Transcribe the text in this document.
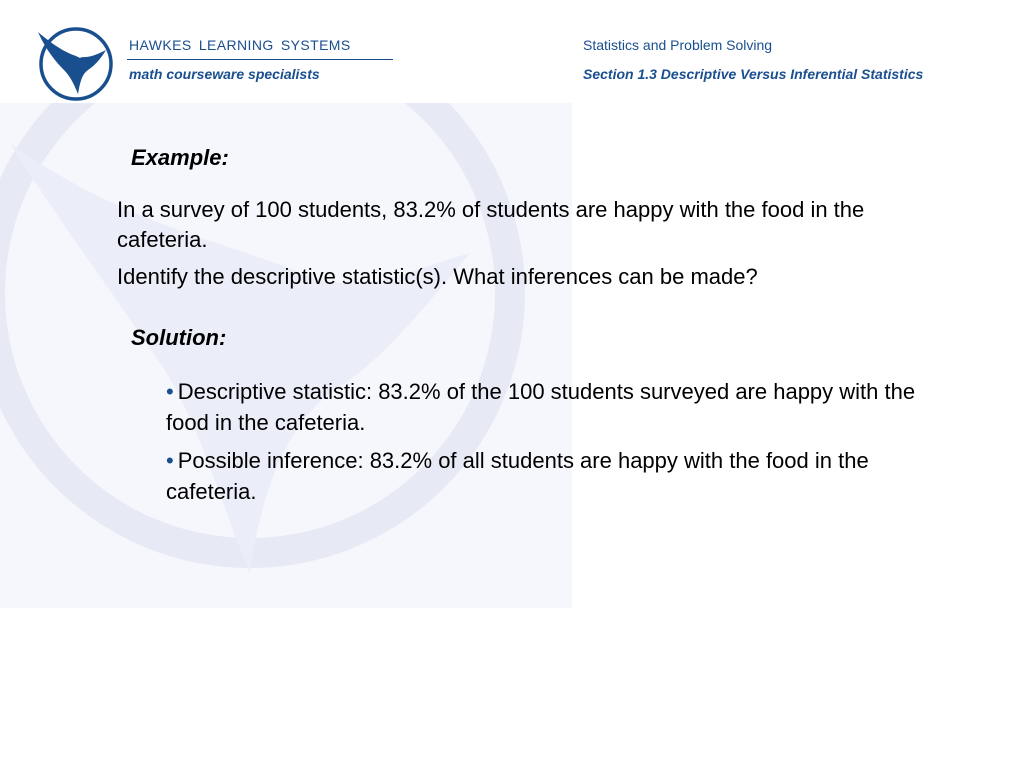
HAWKES LEARNING SYSTEMS
math courseware specialists
Statistics and Problem Solving
Section 1.3 Descriptive Versus Inferential Statistics
Example:
In a survey of 100 students, 83.2% of students are happy with the food in the cafeteria.
Identify the descriptive statistic(s). What inferences can be made?
Solution:
• Descriptive statistic: 83.2% of the 100 students surveyed are happy with the food in the cafeteria.
• Possible inference: 83.2% of all students are happy with the food in the cafeteria.
